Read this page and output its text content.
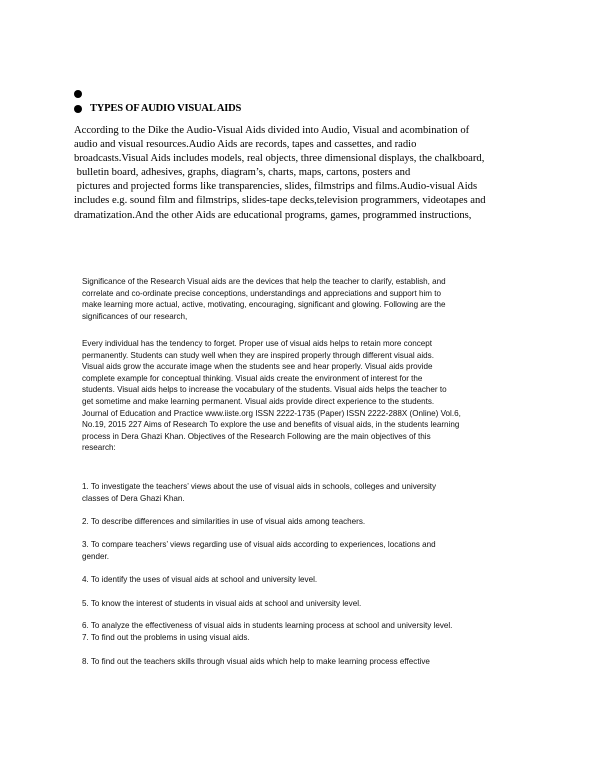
TYPES OF AUDIO VISUAL AIDS
According to the Dike the Audio-Visual Aids divided into Audio, Visual and acombination of
audio and visual resources.Audio Aids are records, tapes and cassettes, and radio
broadcasts.Visual Aids includes models, real objects, three dimensional displays, the chalkboard,
bulletin board, adhesives, graphs, diagram’s, charts, maps, cartons, posters and
pictures and projected forms like transparencies, slides, filmstrips and films.Audio-visual Aids
includes e.g. sound film and filmstrips, slides-tape decks,television programmers, videotapes and
dramatization.And the other Aids are educational programs, games, programmed instructions,
Significance of the Research Visual aids are the devices that help the teacher to clarify, establish, and
correlate and co-ordinate precise conceptions, understandings and appreciations and support him to
make learning more actual, active, motivating, encouraging, significant and glowing. Following are the
significances of our research,
Every individual has the tendency to forget. Proper use of visual aids helps to retain more concept
permanently. Students can study well when they are inspired properly through different visual aids.
Visual aids grow the accurate image when the students see and hear properly. Visual aids provide
complete example for conceptual thinking. Visual aids create the environment of interest for the
students. Visual aids helps to increase the vocabulary of the students. Visual aids helps the teacher to
get sometime and make learning permanent. Visual aids provide direct experience to the students.
Journal of Education and Practice www.iiste.org ISSN 2222-1735 (Paper) ISSN 2222-288X (Online) Vol.6,
No.19, 2015 227 Aims of Research To explore the use and benefits of visual aids, in the students learning
process in Dera Ghazi Khan. Objectives of the Research Following are the main objectives of this
research:
1. To investigate the teachers’ views about the use of visual aids in schools, colleges and university
classes of Dera Ghazi Khan.
2. To describe differences and similarities in use of visual aids among teachers.
3. To compare teachers’ views regarding use of visual aids according to experiences, locations and
gender.
4. To identify the uses of visual aids at school and university level.
5. To know the interest of students in visual aids at school and university level.
6. To analyze the effectiveness of visual aids in students learning process at school and university level.
7. To find out the problems in using visual aids.
8. To find out the teachers skills through visual aids which help to make learning process effective
